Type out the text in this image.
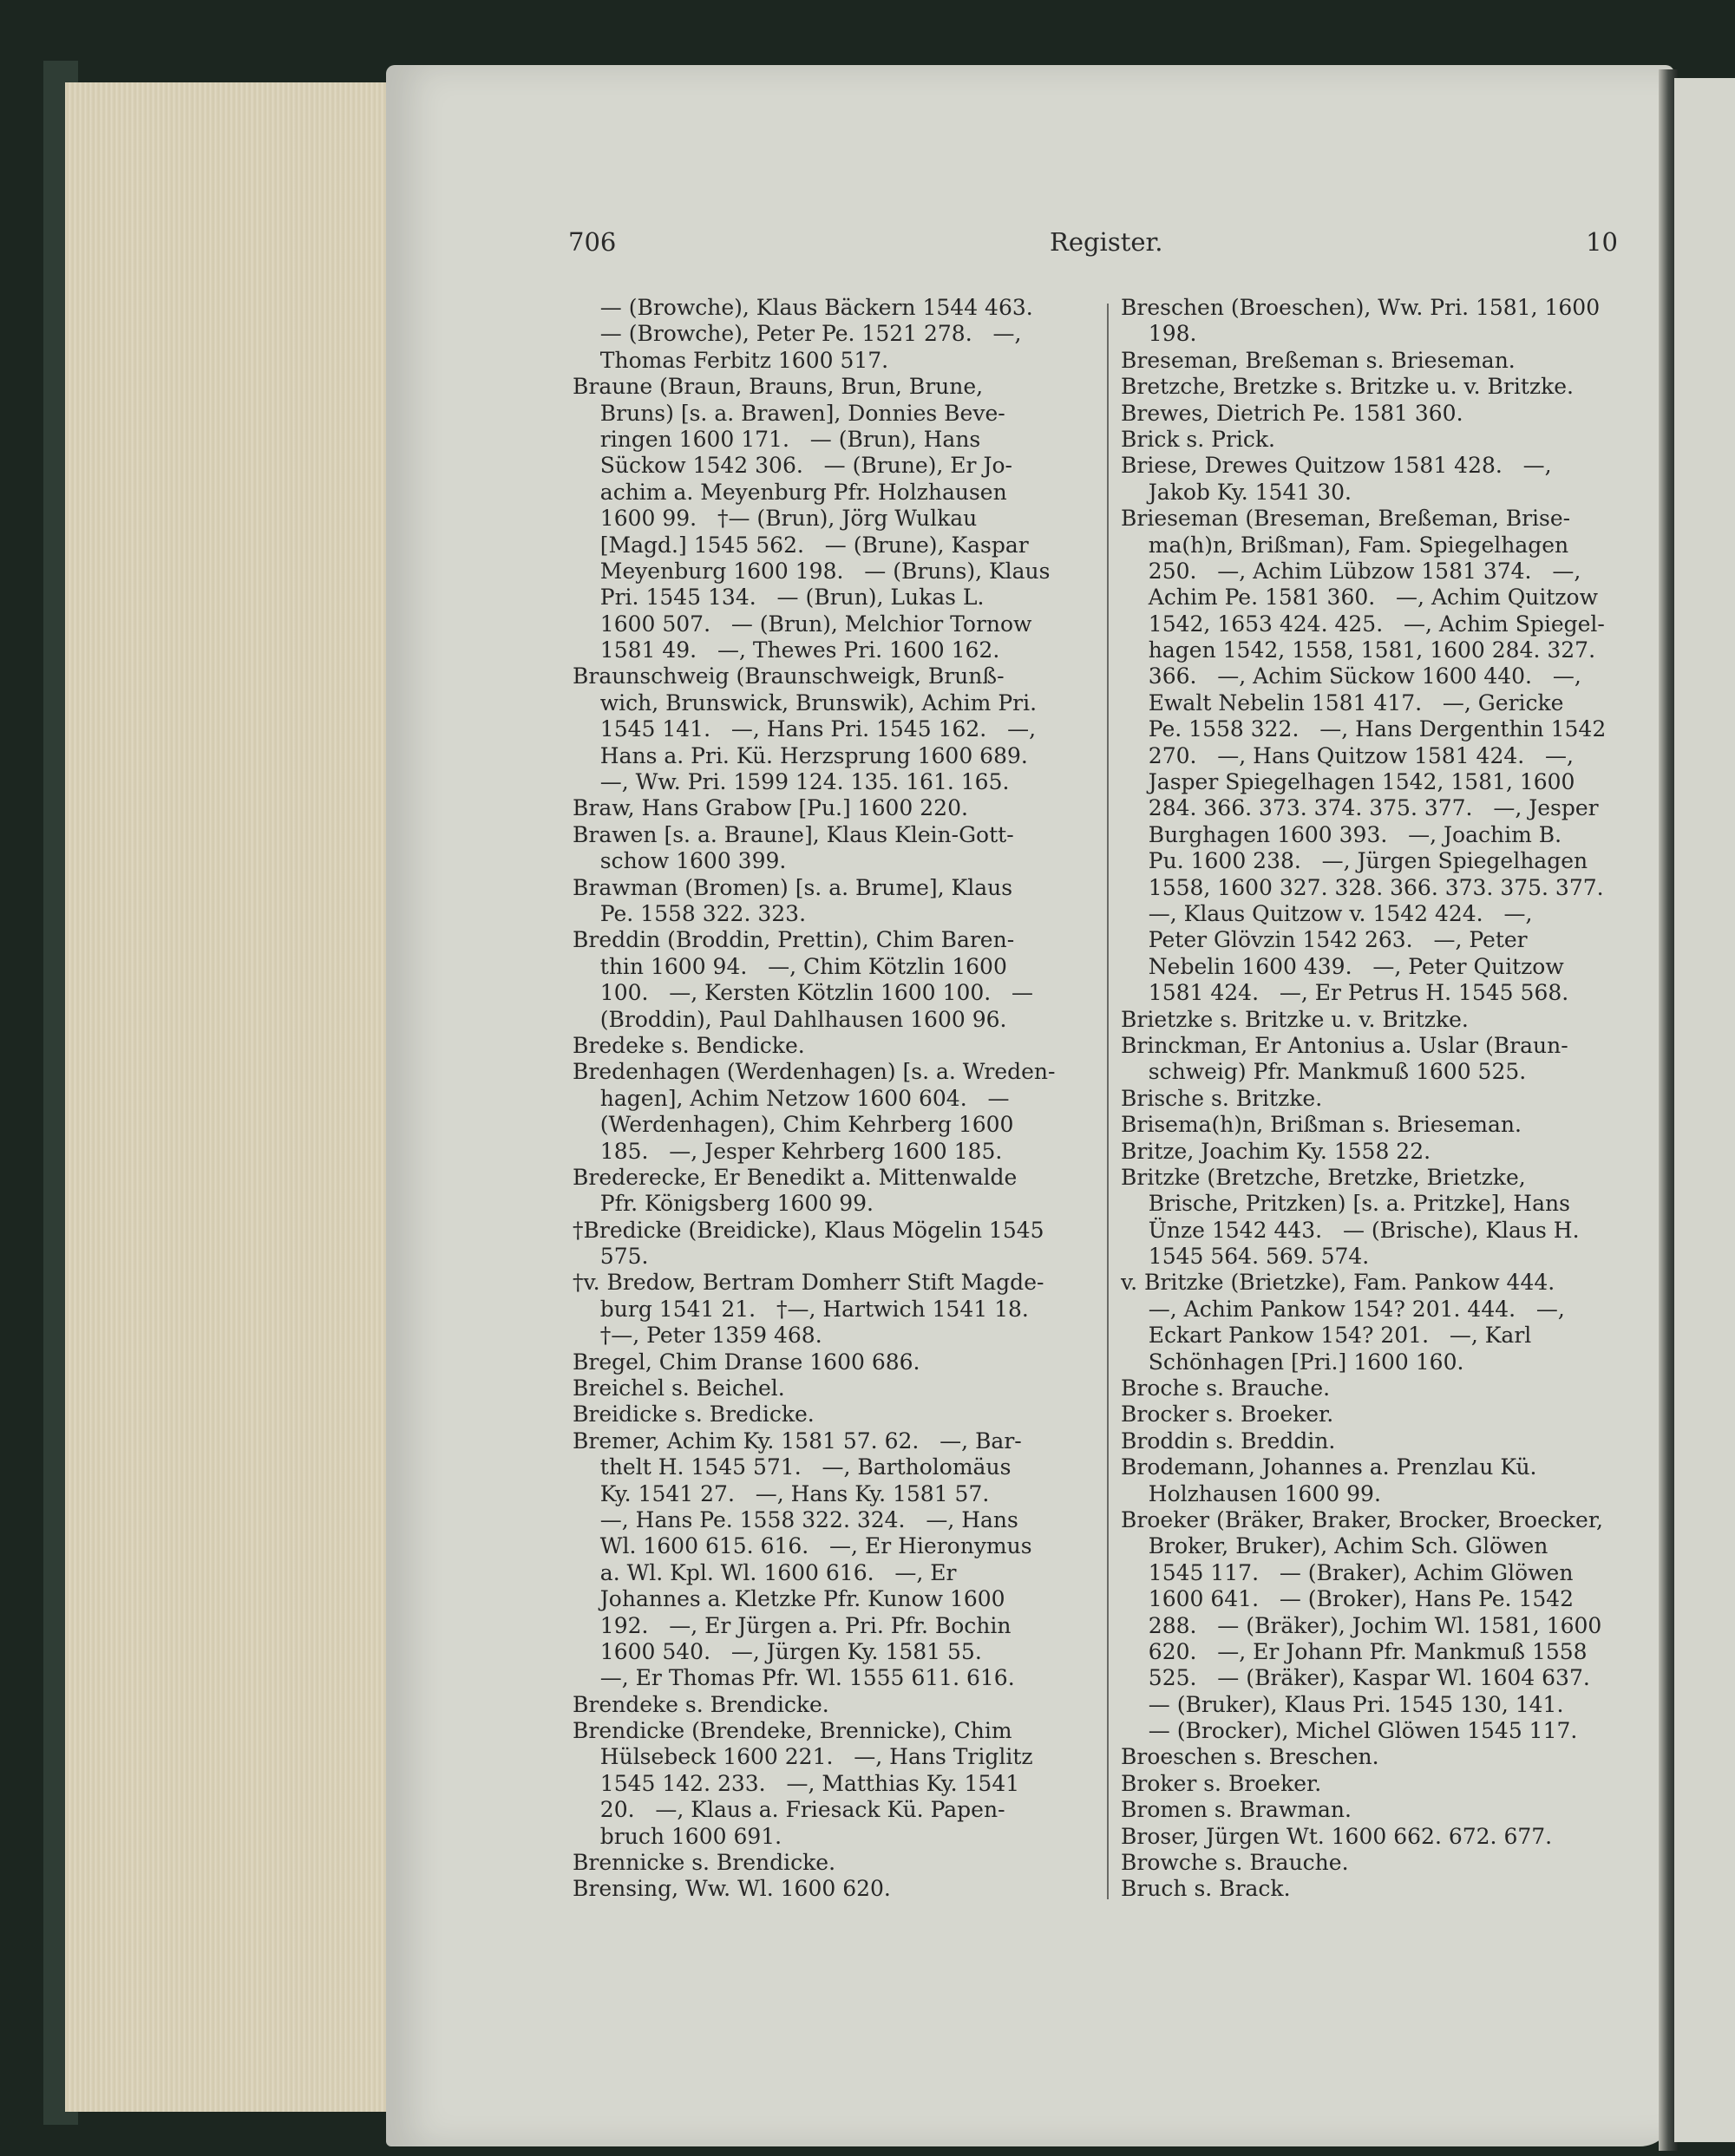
706	Register.	10
— (Browche), Klaus Bäckern 1544 463.
— (Browche), Peter Pe. 1521 278.   —,
Thomas Ferbitz 1600 517.
Braune (Braun, Brauns, Brun, Brune,
Bruns) [s. a. Brawen], Donnies Beve-
ringen 1600 171.   — (Brun), Hans
Sückow 1542 306.   — (Brune), Er Jo-
achim a. Meyenburg Pfr. Holzhausen
1600 99.   †— (Brun), Jörg Wulkau
[Magd.] 1545 562.   — (Brune), Kaspar
Meyenburg 1600 198.   — (Bruns), Klaus
Pri. 1545 134.   — (Brun), Lukas L.
1600 507.   — (Brun), Melchior Tornow
1581 49.   —, Thewes Pri. 1600 162.
Braunschweig (Braunschweigk, Brunß-
wich, Brunswick, Brunswik), Achim Pri.
1545 141.   —, Hans Pri. 1545 162.   —,
Hans a. Pri. Kü. Herzsprung 1600 689.
—, Ww. Pri. 1599 124. 135. 161. 165.
Braw, Hans Grabow [Pu.] 1600 220.
Brawen [s. a. Braune], Klaus Klein-Gott-
schow 1600 399.
Brawman (Bromen) [s. a. Brume], Klaus
Pe. 1558 322. 323.
Breddin (Broddin, Prettin), Chim Baren-
thin 1600 94.   —, Chim Kötzlin 1600
100.   —, Kersten Kötzlin 1600 100.   —
(Broddin), Paul Dahlhausen 1600 96.
Bredeke s. Bendicke.
Bredenhagen (Werdenhagen) [s. a. Wreden-
hagen], Achim Netzow 1600 604.   —
(Werdenhagen), Chim Kehrberg 1600
185.   —, Jesper Kehrberg 1600 185.
Brederecke, Er Benedikt a. Mittenwalde
Pfr. Königsberg 1600 99.
†Bredicke (Breidicke), Klaus Mögelin 1545
575.
†v. Bredow, Bertram Domherr Stift Magde-
burg 1541 21.   †—, Hartwich 1541 18.
†—, Peter 1359 468.
Bregel, Chim Dranse 1600 686.
Breichel s. Beichel.
Breidicke s. Bredicke.
Bremer, Achim Ky. 1581 57. 62.   —, Bar-
thelt H. 1545 571.   —, Bartholomäus
Ky. 1541 27.   —, Hans Ky. 1581 57.
—, Hans Pe. 1558 322. 324.   —, Hans
Wl. 1600 615. 616.   —, Er Hieronymus
a. Wl. Kpl. Wl. 1600 616.   —, Er
Johannes a. Kletzke Pfr. Kunow 1600
192.   —, Er Jürgen a. Pri. Pfr. Bochin
1600 540.   —, Jürgen Ky. 1581 55.
—, Er Thomas Pfr. Wl. 1555 611. 616.
Brendeke s. Brendicke.
Brendicke (Brendeke, Brennicke), Chim
Hülsebeck 1600 221.   —, Hans Triglitz
1545 142. 233.   —, Matthias Ky. 1541
20.   —, Klaus a. Friesack Kü. Papen-
bruch 1600 691.
Brennicke s. Brendicke.
Brensing, Ww. Wl. 1600 620.
Breschen (Broeschen), Ww. Pri. 1581, 1600
198.
Breseman, Breßeman s. Brieseman.
Bretzche, Bretzke s. Britzke u. v. Britzke.
Brewes, Dietrich Pe. 1581 360.
Brick s. Prick.
Briese, Drewes Quitzow 1581 428.   —,
Jakob Ky. 1541 30.
Brieseman (Breseman, Breßeman, Brise-
ma(h)n, Brißman), Fam. Spiegelhagen
250.   —, Achim Lübzow 1581 374.   —,
Achim Pe. 1581 360.   —, Achim Quitzow
1542, 1653 424. 425.   —, Achim Spiegel-
hagen 1542, 1558, 1581, 1600 284. 327.
366.   —, Achim Sückow 1600 440.   —,
Ewalt Nebelin 1581 417.   —, Gericke
Pe. 1558 322.   —, Hans Dergenthin 1542
270.   —, Hans Quitzow 1581 424.   —,
Jasper Spiegelhagen 1542, 1581, 1600
284. 366. 373. 374. 375. 377.   —, Jesper
Burghagen 1600 393.   —, Joachim B.
Pu. 1600 238.   —, Jürgen Spiegelhagen
1558, 1600 327. 328. 366. 373. 375. 377.
—, Klaus Quitzow v. 1542 424.   —,
Peter Glövzin 1542 263.   —, Peter
Nebelin 1600 439.   —, Peter Quitzow
1581 424.   —, Er Petrus H. 1545 568.
Brietzke s. Britzke u. v. Britzke.
Brinckman, Er Antonius a. Uslar (Braun-
schweig) Pfr. Mankmuß 1600 525.
Brische s. Britzke.
Brisema(h)n, Brißman s. Brieseman.
Britze, Joachim Ky. 1558 22.
Britzke (Bretzche, Bretzke, Brietzke,
Brische, Pritzken) [s. a. Pritzke], Hans
Ünze 1542 443.   — (Brische), Klaus H.
1545 564. 569. 574.
v. Britzke (Brietzke), Fam. Pankow 444.
—, Achim Pankow 154? 201. 444.   —,
Eckart Pankow 154? 201.   —, Karl
Schönhagen [Pri.] 1600 160.
Broche s. Brauche.
Brocker s. Broeker.
Broddin s. Breddin.
Brodemann, Johannes a. Prenzlau Kü.
Holzhausen 1600 99.
Broeker (Bräker, Braker, Brocker, Broecker,
Broker, Bruker), Achim Sch. Glöwen
1545 117.   — (Braker), Achim Glöwen
1600 641.   — (Broker), Hans Pe. 1542
288.   — (Bräker), Jochim Wl. 1581, 1600
620.   —, Er Johann Pfr. Mankmuß 1558
525.   — (Bräker), Kaspar Wl. 1604 637.
— (Bruker), Klaus Pri. 1545 130, 141.
— (Brocker), Michel Glöwen 1545 117.
Broeschen s. Breschen.
Broker s. Broeker.
Bromen s. Brawman.
Broser, Jürgen Wt. 1600 662. 672. 677.
Browche s. Brauche.
Bruch s. Brack.
